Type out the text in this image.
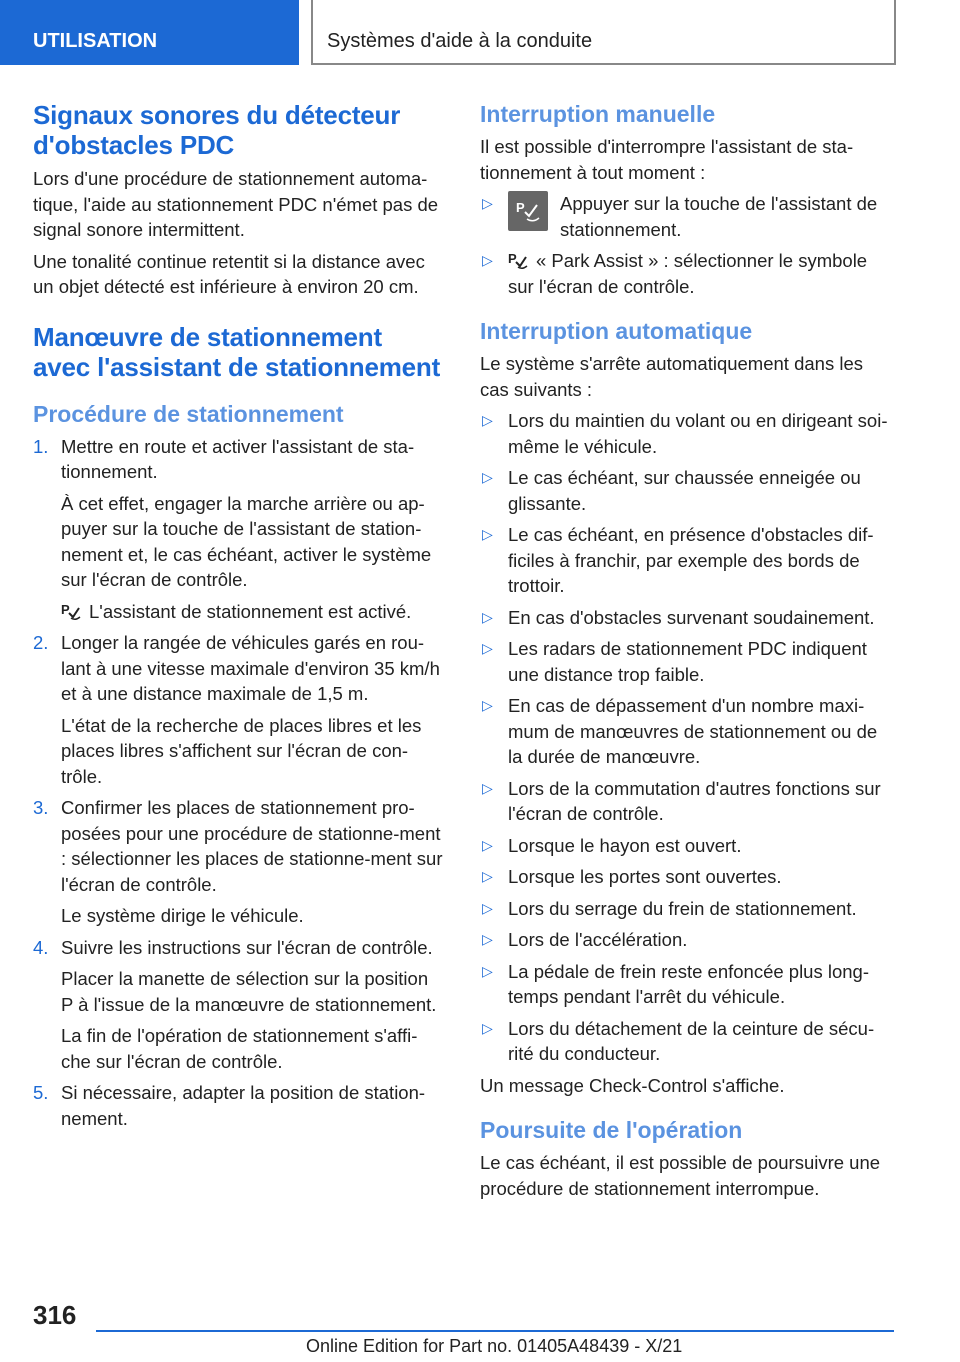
UTILISATION	Systèmes d'aide à la conduite
Signaux sonores du détecteur d'obstacles PDC

Lors d'une procédure de stationnement automa-tique, l'aide au stationnement PDC n'émet pas de signal sonore intermittent.

Une tonalité continue retentit si la distance avec un objet détecté est inférieure à environ 20 cm.

Manœuvre de stationnement avec l'assistant de stationnement
Procédure de stationnement
1. Mettre en route et activer l'assistant de sta-tionnement.

À cet effet, engager la marche arrière ou ap-puyer sur la touche de l'assistant de station-nement et, le cas échéant, activer le système sur l'écran de contrôle.

P L'assistant de stationnement est activé.

2. Longer la rangée de véhicules garés en rou-lant à une vitesse maximale d'environ 35 km/h et à une distance maximale de 1,5 m.

L'état de la recherche de places libres et les places libres s'affichent sur l'écran de con-trôle.

3. Confirmer les places de stationnement pro-posées pour une procédure de stationne-ment : sélectionner les places de stationne-ment sur l'écran de contrôle.

Le système dirige le véhicule.

4. Suivre les instructions sur l'écran de contrôle.

Placer la manette de sélection sur la position P à l'issue de la manœuvre de stationnement.

La fin de l'opération de stationnement s'affi-che sur l'écran de contrôle.

5. Si nécessaire, adapter la position de station-nement.

Interruption manuelle

Il est possible d'interrompre l'assistant de sta-tionnement à tout moment :

▷ P Appuyer sur la touche de l'assistant de stationnement.
▷ P « Park Assist » : sélectionner le symbole sur l'écran de contrôle.
Interruption automatique

Le système s'arrête automatiquement dans les cas suivants :

▷ Lors du maintien du volant ou en dirigeant soi-même le véhicule.
▷ Le cas échéant, sur chaussée enneigée ou glissante.
▷ Le cas échéant, en présence d'obstacles dif-ficiles à franchir, par exemple des bords de trottoir.
▷ En cas d'obstacles survenant soudainement.
▷ Les radars de stationnement PDC indiquent une distance trop faible.
▷ En cas de dépassement d'un nombre maxi-mum de manœuvres de stationnement ou de la durée de manœuvre.
▷ Lors de la commutation d'autres fonctions sur l'écran de contrôle.
▷ Lorsque le hayon est ouvert.
▷ Lorsque les portes sont ouvertes.
▷ Lors du serrage du frein de stationnement.
▷ Lors de l'accélération.
▷ La pédale de frein reste enfoncée plus long-temps pendant l'arrêt du véhicule.
▷ Lors du détachement de la ceinture de sécu-rité du conducteur.

Un message Check-Control s'affiche.

Poursuite de l'opération

Le cas échéant, il est possible de poursuivre une procédure de stationnement interrompue.

316
Online Edition for Part no. 01405A48439 - X/21
